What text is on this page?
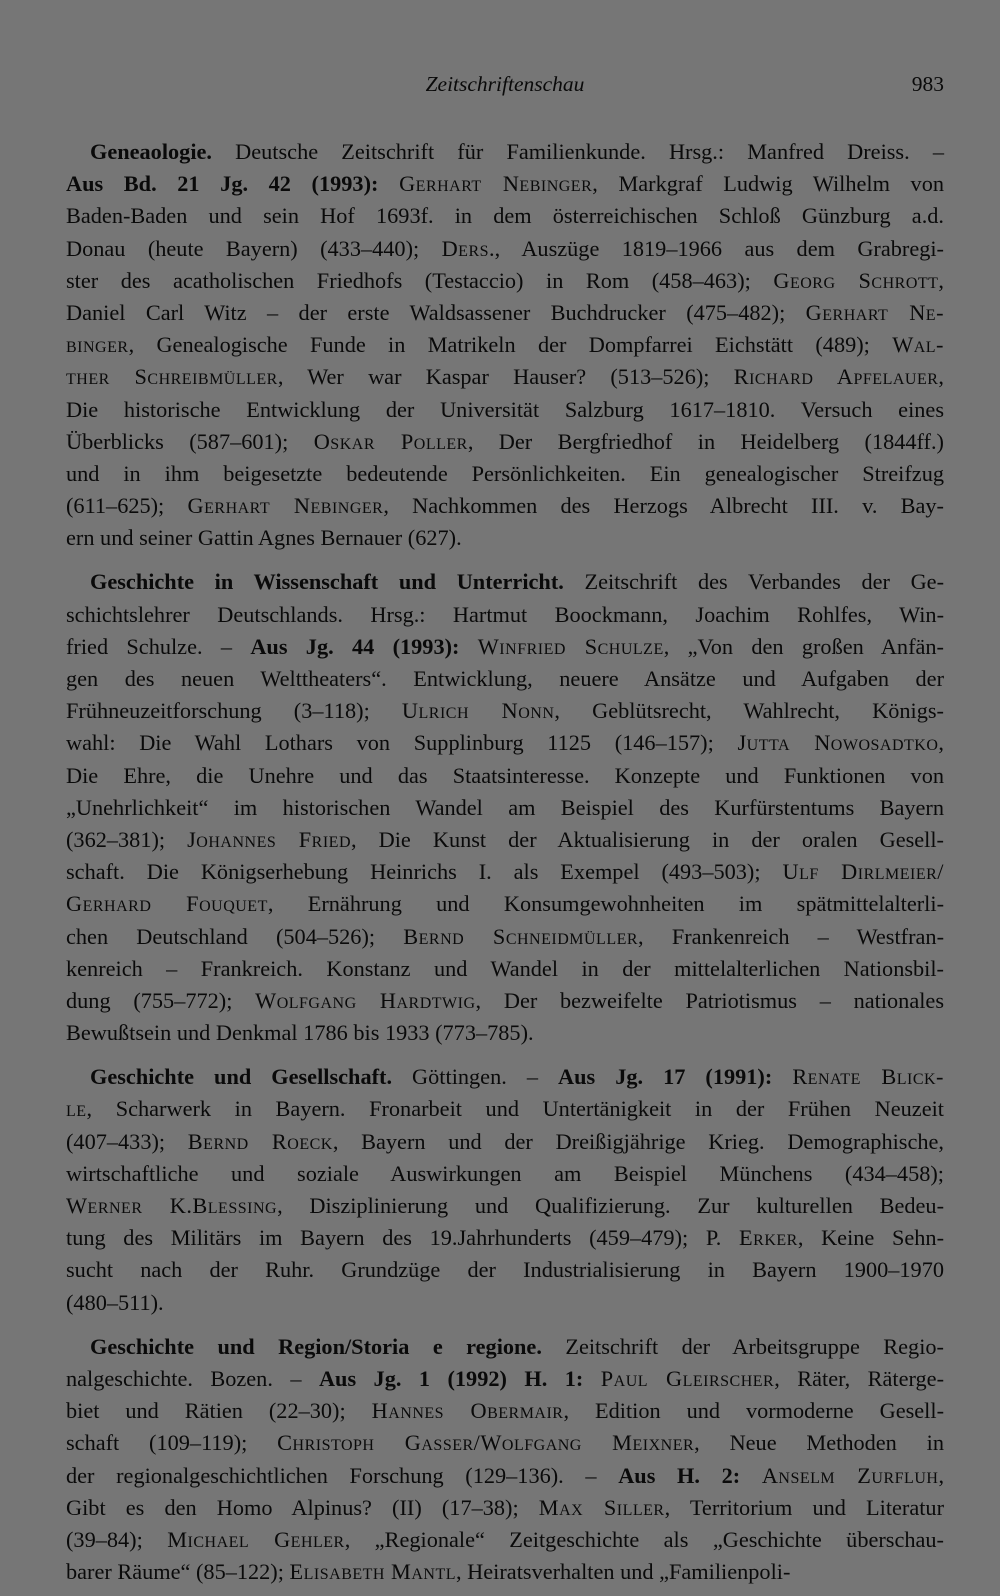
Zeitschriftenschau	983
Geneaologie. Deutsche Zeitschrift für Familienkunde. Hrsg.: Manfred Dreiss. –
Aus Bd. 21 Jg. 42 (1993): Gerhart Nebinger, Markgraf Ludwig Wilhelm von
Baden-Baden und sein Hof 1693f. in dem österreichischen Schloß Günzburg a.d.
Donau (heute Bayern) (433–440); Ders., Auszüge 1819–1966 aus dem Grabregi-
ster des acatholischen Friedhofs (Testaccio) in Rom (458–463); Georg Schrott,
Daniel Carl Witz – der erste Waldsassener Buchdrucker (475–482); Gerhart Ne-
binger, Genealogische Funde in Matrikeln der Dompfarrei Eichstätt (489); Wal-
ther Schreibmüller, Wer war Kaspar Hauser? (513–526); Richard Apfelauer,
Die historische Entwicklung der Universität Salzburg 1617–1810. Versuch eines
Überblicks (587–601); Oskar Poller, Der Bergfriedhof in Heidelberg (1844ff.)
und in ihm beigesetzte bedeutende Persönlichkeiten. Ein genealogischer Streifzug
(611–625); Gerhart Nebinger, Nachkommen des Herzogs Albrecht III. v. Bay-
ern und seiner Gattin Agnes Bernauer (627).
Geschichte in Wissenschaft und Unterricht. Zeitschrift des Verbandes der Ge-
schichtslehrer Deutschlands. Hrsg.: Hartmut Boockmann, Joachim Rohlfes, Win-
fried Schulze. – Aus Jg. 44 (1993): Winfried Schulze, „Von den großen Anfän-
gen des neuen Welttheaters“. Entwicklung, neuere Ansätze und Aufgaben der
Frühneuzeitforschung (3–118); Ulrich Nonn, Geblütsrecht, Wahlrecht, Königs-
wahl: Die Wahl Lothars von Supplinburg 1125 (146–157); Jutta Nowosadtko,
Die Ehre, die Unehre und das Staatsinteresse. Konzepte und Funktionen von
„Unehrlichkeit“ im historischen Wandel am Beispiel des Kurfürstentums Bayern
(362–381); Johannes Fried, Die Kunst der Aktualisierung in der oralen Gesell-
schaft. Die Königserhebung Heinrichs I. als Exempel (493–503); Ulf Dirlmeier/
Gerhard Fouquet, Ernährung und Konsumgewohnheiten im spätmittelalterli-
chen Deutschland (504–526); Bernd Schneidmüller, Frankenreich – Westfran-
kenreich – Frankreich. Konstanz und Wandel in der mittelalterlichen Nationsbil-
dung (755–772); Wolfgang Hardtwig, Der bezweifelte Patriotismus – nationales
Bewußtsein und Denkmal 1786 bis 1933 (773–785).
Geschichte und Gesellschaft. Göttingen. – Aus Jg. 17 (1991): Renate Blick-
le, Scharwerk in Bayern. Fronarbeit und Untertänigkeit in der Frühen Neuzeit
(407–433); Bernd Roeck, Bayern und der Dreißigjährige Krieg. Demographische,
wirtschaftliche und soziale Auswirkungen am Beispiel Münchens (434–458);
Werner K.Blessing, Disziplinierung und Qualifizierung. Zur kulturellen Bedeu-
tung des Militärs im Bayern des 19.Jahrhunderts (459–479); P. Erker, Keine Sehn-
sucht nach der Ruhr. Grundzüge der Industrialisierung in Bayern 1900–1970
(480–511).
Geschichte und Region/Storia e regione. Zeitschrift der Arbeitsgruppe Regio-
nalgeschichte. Bozen. – Aus Jg. 1 (1992) H. 1: Paul Gleirscher, Räter, Rätergе-
biet und Rätien (22–30); Hannes Obermair, Edition und vormoderne Gesell-
schaft (109–119); Christoph Gasser/Wolfgang Meixner, Neue Methoden in
der regionalgeschichtlichen Forschung (129–136). – Aus H. 2: Anselm Zurfluh,
Gibt es den Homo Alpinus? (II) (17–38); Max Siller, Territorium und Literatur
(39–84); Michael Gehler, „Regionale“ Zeitgeschichte als „Geschichte überschau-
barer Räume“ (85–122); Elisabeth Mantl, Heiratsverhalten und „Familienpoli-
